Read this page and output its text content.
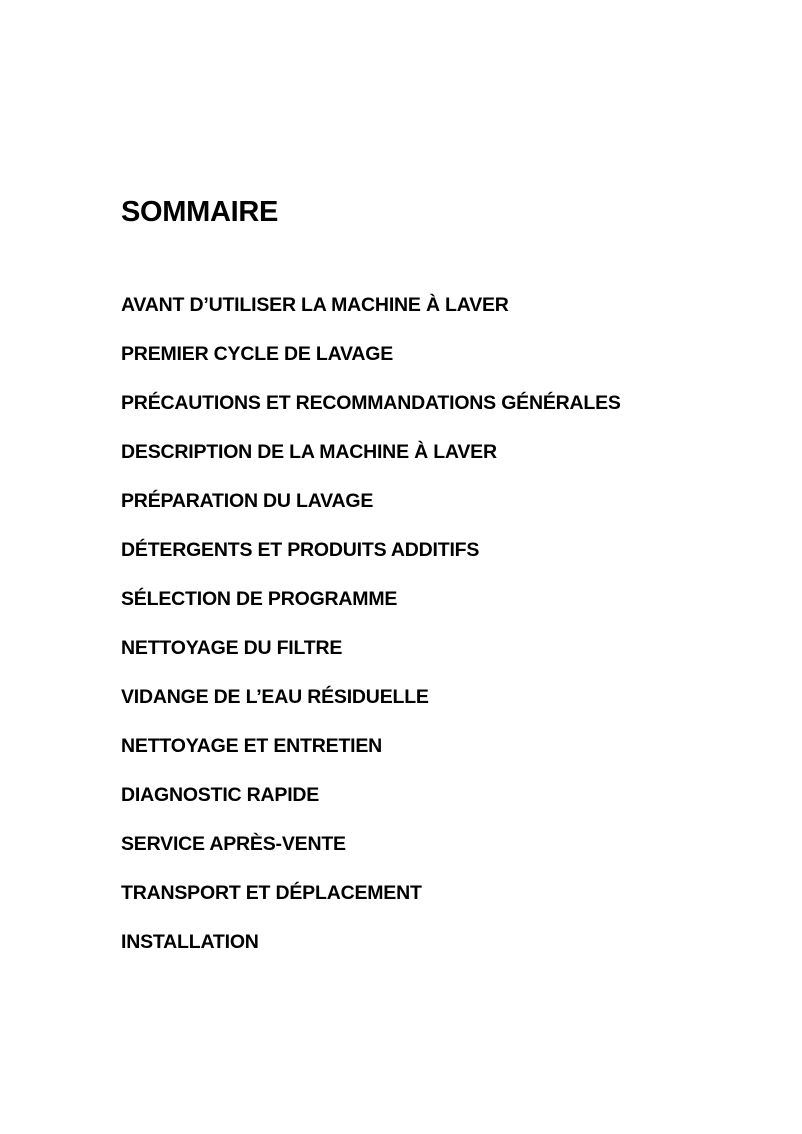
SOMMAIRE
AVANT D’UTILISER LA MACHINE À LAVER
PREMIER CYCLE DE LAVAGE
PRÉCAUTIONS ET RECOMMANDATIONS GÉNÉRALES
DESCRIPTION DE LA MACHINE À LAVER
PRÉPARATION DU LAVAGE
DÉTERGENTS ET PRODUITS ADDITIFS
SÉLECTION DE PROGRAMME
NETTOYAGE DU FILTRE
VIDANGE DE L’EAU RÉSIDUELLE
NETTOYAGE ET ENTRETIEN
DIAGNOSTIC RAPIDE
SERVICE APRÈS-VENTE
TRANSPORT ET DÉPLACEMENT
INSTALLATION
